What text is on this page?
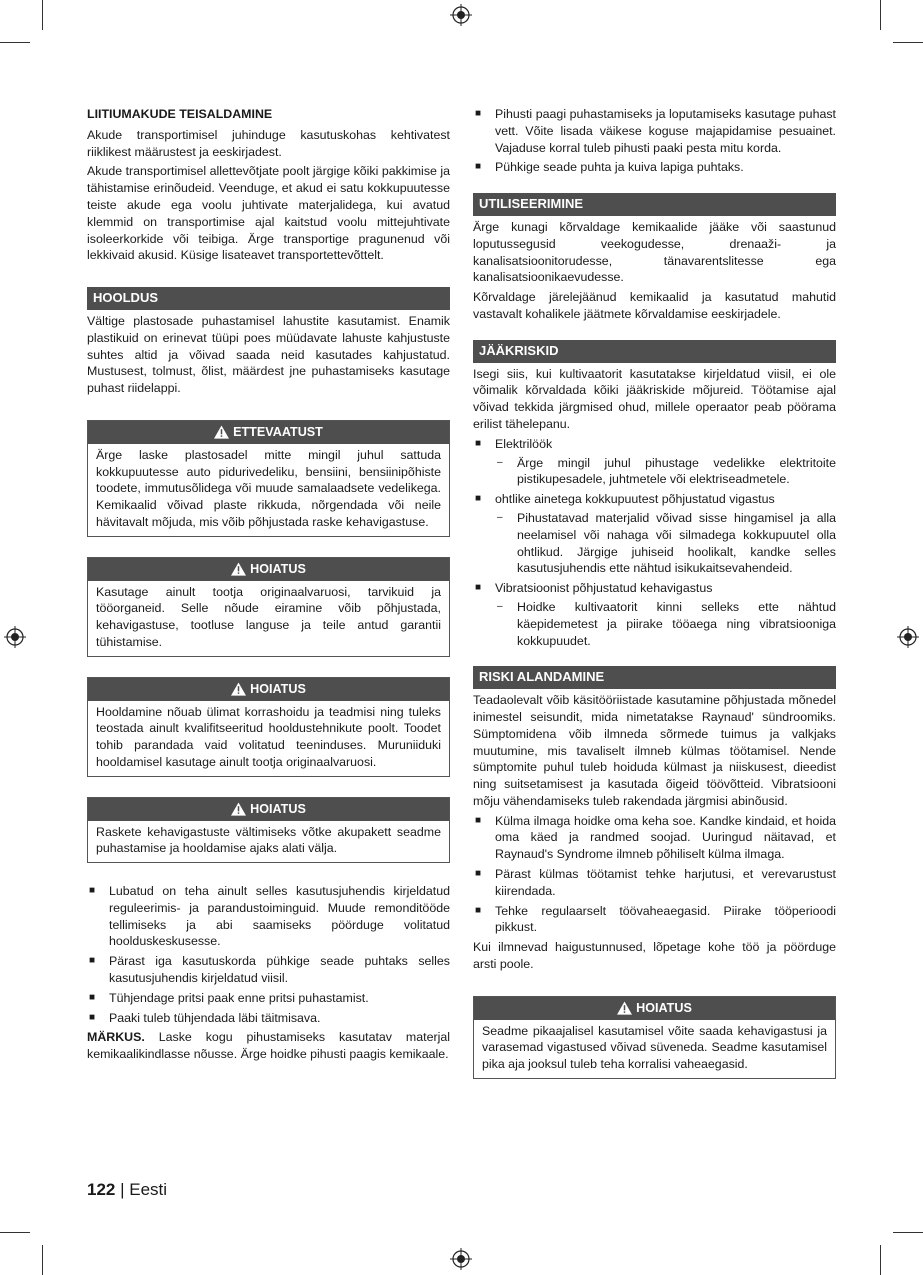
LIITIUMAKUDE TEISALDAMINE

Akude transportimisel juhinduge kasutuskohas kehtivatest riiklikest määrustest ja eeskirjadest.

Akude transportimisel allettevõtjate poolt järgige kõiki pakkimise ja tähistamise erinõudeid. Veenduge, et akud ei satu kokkupuutesse teiste akude ega voolu juhtivate materjalidega, kui avatud klemmid on transportimise ajal kaitstud voolu mittejuhtivate isoleerkorkide või teibiga. Ärge transportige pragunenud või lekkivaid akusid. Küsige lisateavet transportettevõttelt.

HOOLDUS

Vältige plastosade puhastamisel lahustite kasutamist. Enamik plastikuid on erinevat tüüpi poes müüdavate lahuste kahjustuste suhtes altid ja võivad saada neid kasutades kahjustatud. Mustusest, tolmust, õlist, määrdest jne puhastamiseks kasutage puhast riidelappi.

ETTEVAATUST

Ärge laske plastosadel mitte mingil juhul sattuda kokkupuutesse auto pidurivedeliku, bensiini, bensiinipõhiste toodete, immutusõlidega või muude samalaadsete vedelikega. Kemikaalid võivad plaste rikkuda, nõrgendada või neile hävitavalt mõjuda, mis võib põhjustada raske kehavigastuse.

HOIATUS

Kasutage ainult tootja originaalvaruosi, tarvikuid ja tööorganeid. Selle nõude eiramine võib põhjustada, kehavigastuse, tootluse languse ja teile antud garantii tühistamise.

HOIATUS

Hooldamine nõuab ülimat korrashoidu ja teadmisi ning tuleks teostada ainult kvalifitseeritud hooldustehnikute poolt. Toodet tohib parandada vaid volitatud teeninduses. Muruniiduki hooldamisel kasutage ainult tootja originaalvaruosi.

HOIATUS

Raskete kehavigastuste vältimiseks võtke akupakett seadme puhastamise ja hooldamise ajaks alati välja.

■ Lubatud on teha ainult selles kasutusjuhendis kirjeldatud reguleerimis- ja parandustoiminguid. Muude remonditööde tellimiseks ja abi saamiseks pöörduge volitatud hoolduskeskusesse.
■ Pärast iga kasutuskorda pühkige seade puhtaks selles kasutusjuhendis kirjeldatud viisil.
■ Tühjendage pritsi paak enne pritsi puhastamist.
■ Paaki tuleb tühjendada läbi täitmisava.

MÄRKUS. Laske kogu pihustamiseks kasutatav materjal kemikaalikindlasse nõusse. Ärge hoidke pihusti paagis kemikaale.

■ Pihusti paagi puhastamiseks ja loputamiseks kasutage puhast vett. Võite lisada väikese koguse majapidamise pesuainet. Vajaduse korral tuleb pihusti paaki pesta mitu korda.
■ Pühkige seade puhta ja kuiva lapiga puhtaks.
UTILISEERIMINE

Ärge kunagi kõrvaldage kemikaalide jääke või saastunud loputussegusid veekogudesse, drenaaži- ja kanalisatsioonitorudesse, tänavarentslitesse ega kanalisatsioonikaevudesse.

Kõrvaldage järelejäänud kemikaalid ja kasutatud mahutid vastavalt kohalikele jäätmete kõrvaldamise eeskirjadele.

JÄÄKRISKID

Isegi siis, kui kultivaatorit kasutatakse kirjeldatud viisil, ei ole võimalik kõrvaldada kõiki jääkriskide mõjureid. Töötamise ajal võivad tekkida järgmised ohud, millele operaator peab pöörama erilist tähelepanu.

■ Elektrilöök
– Ärge mingil juhul pihustage vedelikke elektritoite pistikupesadele, juhtmetele või elektriseadmetele.
■ ohtlike ainetega kokkupuutest põhjustatud vigastus
– Pihustatavad materjalid võivad sisse hingamisel ja alla neelamisel või nahaga või silmadega kokkupuutel olla ohtlikud. Järgige juhiseid hoolikalt, kandke selles kasutusjuhendis ette nähtud isikukaitsevahendeid.
■ Vibratsioonist põhjustatud kehavigastus
– Hoidke kultivaatorit kinni selleks ette nähtud käepidemetest ja piirake tööaega ning vibratsiooniga kokkupuudet.
RISKI ALANDAMINE

Teadaolevalt võib käsitööriistade kasutamine põhjustada mõnedel inimestel seisundit, mida nimetatakse Raynaud' sündroomiks. Sümptomidena võib ilmneda sõrmede tuimus ja valkjaks muutumine, mis tavaliselt ilmneb külmas töötamisel. Nende sümptomite puhul tuleb hoiduda külmast ja niiskusest, dieedist ning suitsetamisest ja kasutada õigeid töövõtteid. Vibratsiooni mõju vähendamiseks tuleb rakendada järgmisi abinõusid.

■ Külma ilmaga hoidke oma keha soe. Kandke kindaid, et hoida oma käed ja randmed soojad. Uuringud näitavad, et Raynaud's Syndrome ilmneb põhiliselt külma ilmaga.
■ Pärast külmas töötamist tehke harjutusi, et verevarustust kiirendada.
■ Tehke regulaarselt töövaheaegasid. Piirake tööperioodi pikkust.

Kui ilmnevad haigustunnused, lõpetage kohe töö ja pöörduge arsti poole.

HOIATUS

Seadme pikaajalisel kasutamisel võite saada kehavigastusi ja varasemad vigastused võivad süveneda. Seadme kasutamisel pika aja jooksul tuleb teha korralisi vaheaegasid.

122 | Eesti
